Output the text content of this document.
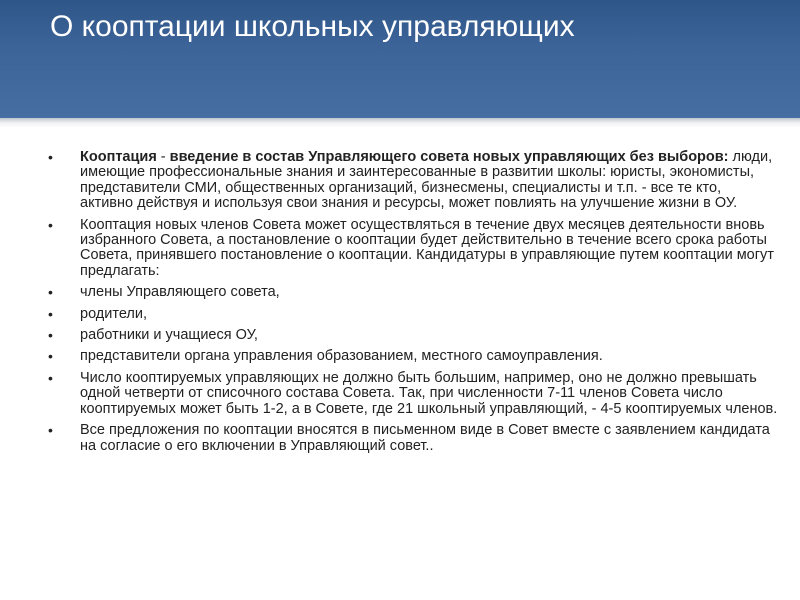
О кооптации школьных управляющих
• Кооптация - введение в состав Управляющего совета новых управляющих без выборов: люди, имеющие профессиональные знания и заинтересованные в развитии школы: юристы, экономисты, представители СМИ, общественных организаций, бизнесмены, специалисты и т.п. - все те кто, активно действуя и используя свои знания и ресурсы, может повлиять на улучшение жизни в ОУ.
• Кооптация новых членов Совета может осуществляться в течение двух месяцев деятельности вновь избранного Совета, а постановление о кооптации будет действительно в течение всего срока работы Совета, принявшего постановление о кооптации. Кандидатуры в управляющие путем кооптации могут предлагать:
• члены Управляющего совета,
• родители,
• работники и учащиеся ОУ,
• представители органа управления образованием, местного самоуправления.
• Число кооптируемых управляющих не должно быть большим, например, оно не должно превышать одной четверти от списочного состава Совета. Так, при численности 7-11 членов Совета число кооптируемых может быть 1-2, а в Совете, где 21 школьный управляющий, - 4-5 кооптируемых членов.
• Все предложения по кооптации вносятся в письменном виде в Совет вместе с заявлением кандидата на согласие о его включении в Управляющий совет..
